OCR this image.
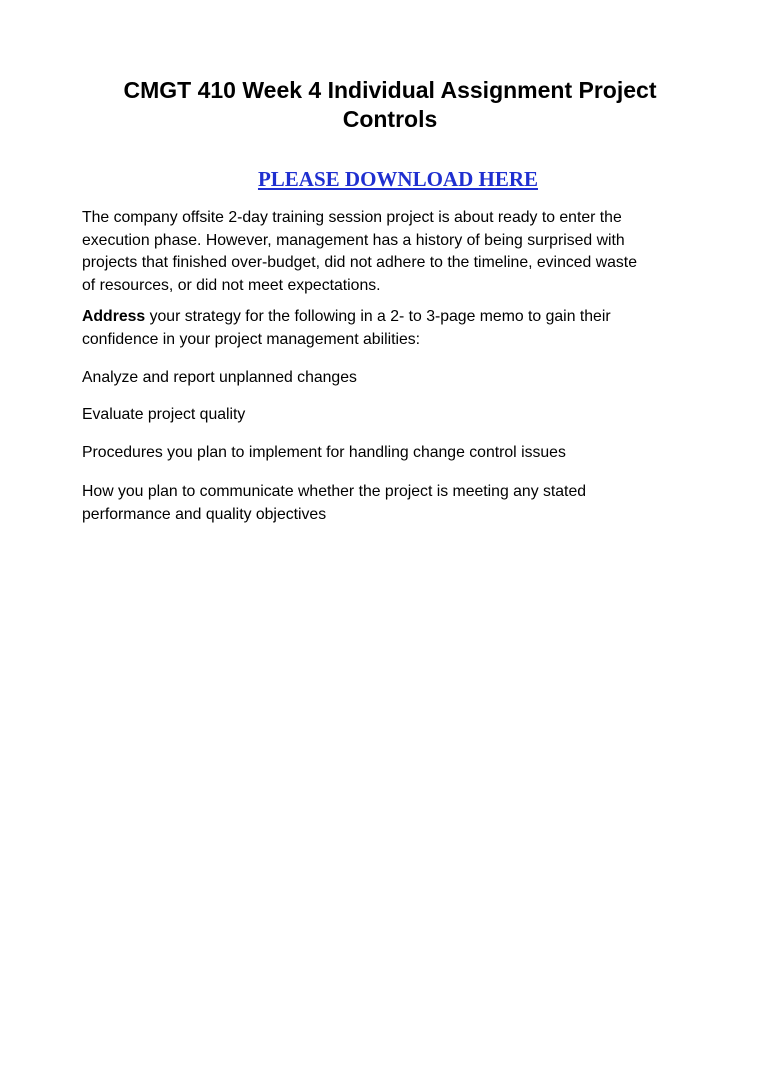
CMGT 410 Week 4 Individual Assignment Project
Controls
PLEASE DOWNLOAD HERE

The company offsite 2-day training session project is about ready to enter the
execution phase. However, management has a history of being surprised with
projects that finished over-budget, did not adhere to the timeline, evinced waste
of resources, or did not meet expectations.

Address your strategy for the following in a 2- to 3-page memo to gain their
confidence in your project management abilities:

Analyze and report unplanned changes

Evaluate project quality

Procedures you plan to implement for handling change control issues

How you plan to communicate whether the project is meeting any stated
performance and quality objectives
